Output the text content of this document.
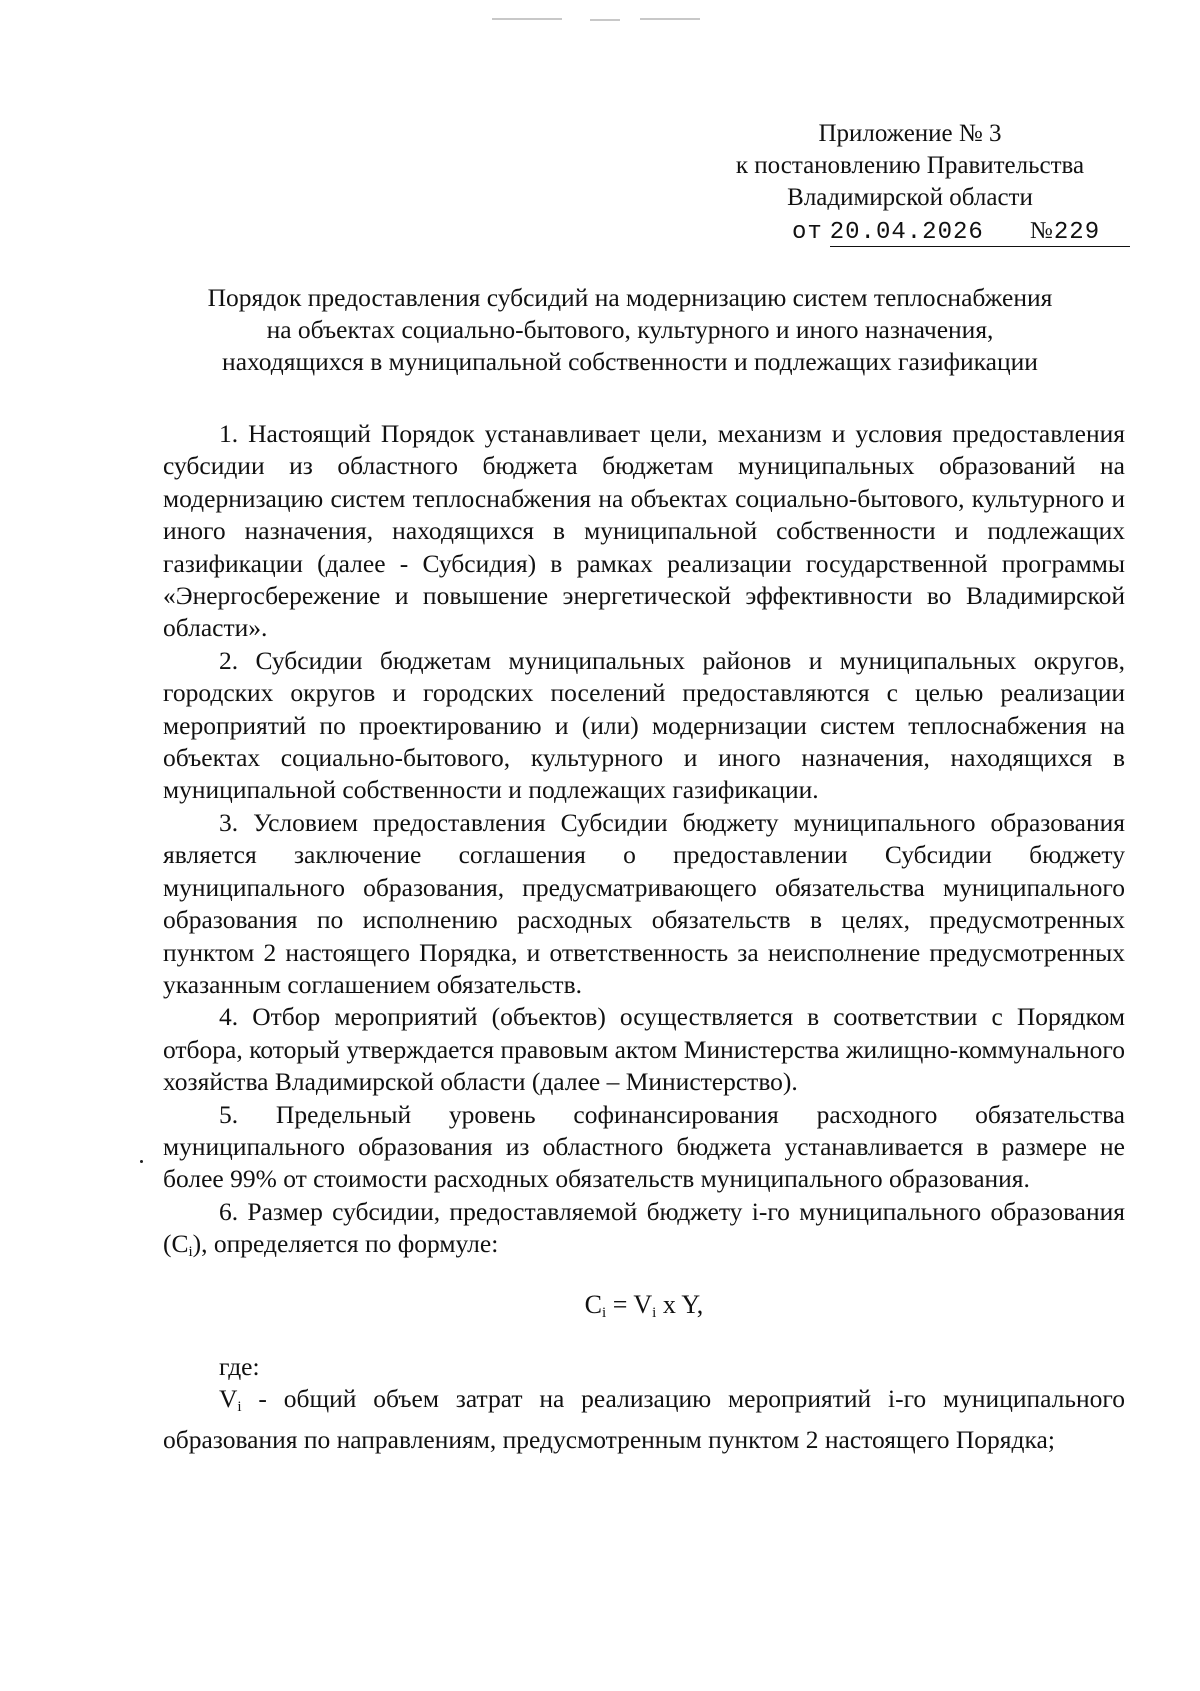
Приложение № 3
к постановлению Правительства
Владимирской области
от 20.04.2026 №229
Порядок предоставления субсидий на модернизацию систем теплоснабжения
на объектах социально-бытового, культурного и иного назначения,
находящихся в муниципальной собственности и подлежащих газификации

1. Настоящий Порядок устанавливает цели, механизм и условия предоставления субсидии из областного бюджета бюджетам муниципальных образований на модернизацию систем теплоснабжения на объектах социально-бытового, культурного и иного назначения, находящихся в муниципальной собственности и подлежащих газификации (далее - Субсидия) в рамках реализации государственной программы «Энергосбережение и повышение энергетической эффективности во Владимирской области».

2. Субсидии бюджетам муниципальных районов и муниципальных округов, городских округов и городских поселений предоставляются с целью реализации мероприятий по проектированию и (или) модернизации систем теплоснабжения на объектах социально-бытового, культурного и иного назначения, находящихся в муниципальной собственности и подлежащих газификации.

3. Условием предоставления Субсидии бюджету муниципального образования является заключение соглашения о предоставлении Субсидии бюджету муниципального образования, предусматривающего обязательства муниципального образования по исполнению расходных обязательств в целях, предусмотренных пунктом 2 настоящего Порядка, и ответственность за неисполнение предусмотренных указанным соглашением обязательств.

4. Отбор мероприятий (объектов) осуществляется в соответствии с Порядком отбора, который утверждается правовым актом Министерства жилищно-коммунального хозяйства Владимирской области (далее – Министерство).

5. Предельный уровень софинансирования расходного обязательства муниципального образования из областного бюджета устанавливается в размере не более 99% от стоимости расходных обязательств муниципального образования.

6. Размер субсидии, предоставляемой бюджету i-го муниципального образования $(C_i)$, определяется по формуле:

$C_i = V_i$ x Y,

где:

$V_i$ - общий объем затрат на реализацию мероприятий i-го муниципального образования по направлениям, предусмотренным пунктом 2 настоящего Порядка;
